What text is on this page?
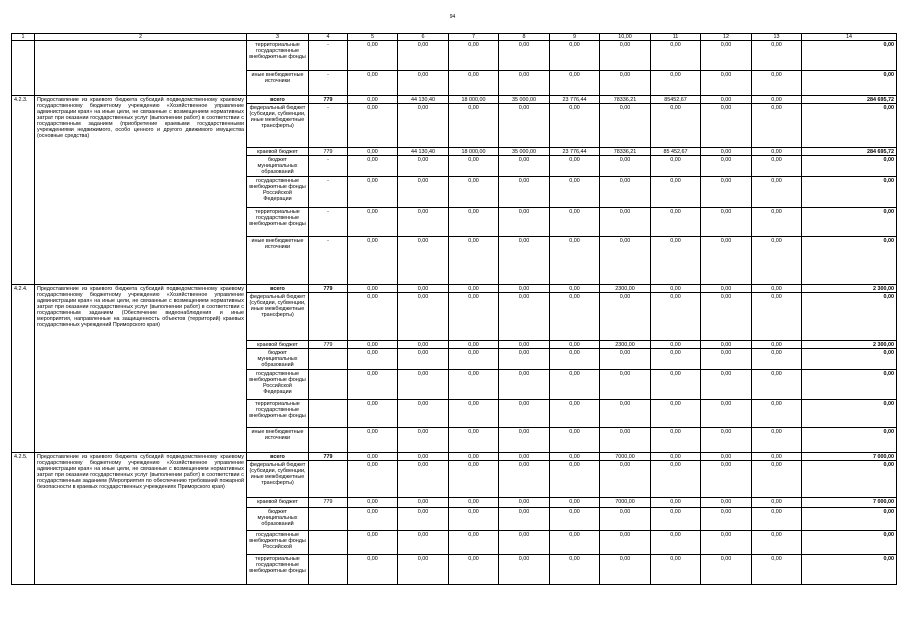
94
1	2	3	4	5	6	7	8	9	10,00	11	12	13	14
		территориальные государственные внебюджетные фонды	-	0,00	0,00	0,00	0,00	0,00	0,00	0,00	0,00	0,00	0,00
		иные внебюджетные источники	-	0,00	0,00	0,00	0,00	0,00	0,00	0,00	0,00	0,00	0,00
4.2.3.	Предоставление из краевого бюджета субсидий подведомственному краевому государственному бюджетному учреждению «Хозяйственное управление администрации края» на иные цели, не связанные с возмещением нормативных затрат при оказании государственных услуг (выполнении работ) в соответствии с государственным заданием (приобретение краевыми государственными учреждениями недвижимого, особо ценного и другого движимого имущества (основные средства)	всего	779	0,00	44 130,40	18 000,00	35 000,00	23 776,44	78336,21	85452,67	0,00	0,00	284 695,72
		федеральный бюджет (субсидии, субвенции, иные межбюджетные трансферты)	-	0,00	0,00	0,00	0,00	0,00	0,00	0,00	0,00	0,00	0,00
		краевой бюджет	779	0,00	44 130,40	18 000,00	35 000,00	23 776,44	78336,21	85 452,67	0,00	0,00	284 695,72
		бюджет муниципальных образований	-	0,00	0,00	0,00	0,00	0,00	0,00	0,00	0,00	0,00	0,00
		государственные внебюджетные фонды Российской Федерации	-	0,00	0,00	0,00	0,00	0,00	0,00	0,00	0,00	0,00	0,00
		территориальные государственные внебюджетные фонды	-	0,00	0,00	0,00	0,00	0,00	0,00	0,00	0,00	0,00	0,00
		иные внебюджетные источники	-	0,00	0,00	0,00	0,00	0,00	0,00	0,00	0,00	0,00	0,00
4.2.4.	Предоставление из краевого бюджета субсидий подведомственному краевому государственному бюджетному учреждению «Хозяйственное управление администрации края» на иные цели, не связанные с возмещением нормативных затрат при оказании государственных услуг (выполнении работ) в соответствии с государственным заданием (Обеспечение видеонаблюдения и иные мероприятия, направленные на защищенность объектов (территорий) краевых государственных учреждений Приморского края)	всего	779	0,00	0,00	0,00	0,00	0,00	2300,00	0,00	0,00	0,00	2 300,00
		федеральный бюджет (субсидии, субвенции, иные межбюджетные трансферты)		0,00	0,00	0,00	0,00	0,00	0,00	0,00	0,00	0,00	0,00
		краевой бюджет	779	0,00	0,00	0,00	0,00	0,00	2300,00	0,00	0,00	0,00	2 300,00
		бюджет муниципальных образований		0,00	0,00	0,00	0,00	0,00	0,00	0,00	0,00	0,00	0,00
		государственные внебюджетные фонды Российской Федерации		0,00	0,00	0,00	0,00	0,00	0,00	0,00	0,00	0,00	0,00
		территориальные государственные внебюджетные фонды		0,00	0,00	0,00	0,00	0,00	0,00	0,00	0,00	0,00	0,00
		иные внебюджетные источники		0,00	0,00	0,00	0,00	0,00	0,00	0,00	0,00	0,00	0,00
4.2.5.	Предоставление из краевого бюджета субсидий подведомственному краевому государственному бюджетному учреждению «Хозяйственное управление администрации края» на иные цели, не связанные с возмещением нормативных затрат при оказании государственных услуг (выполнении работ) в соответствии с государственным заданием (Мероприятия по обеспечению требований пожарной безопасности в краевых государственных учреждениях Приморского края)	всего	779	0,00	0,00	0,00	0,00	0,00	7000,00	0,00	0,00	0,00	7 000,00
		федеральный бюджет (субсидии, субвенции, иные межбюджетные трансферты)		0,00	0,00	0,00	0,00	0,00	0,00	0,00	0,00	0,00	0,00
		краевой бюджет	779	0,00	0,00	0,00	0,00	0,00	7000,00	0,00	0,00	0,00	7 000,00
		бюджет муниципальных образований		0,00	0,00	0,00	0,00	0,00	0,00	0,00	0,00	0,00	0,00
		государственные внебюджетные фонды Российской		0,00	0,00	0,00	0,00	0,00	0,00	0,00	0,00	0,00	0,00
		территориальные государственные внебюджетные фонды		0,00	0,00	0,00	0,00	0,00	0,00	0,00	0,00	0,00	0,00
